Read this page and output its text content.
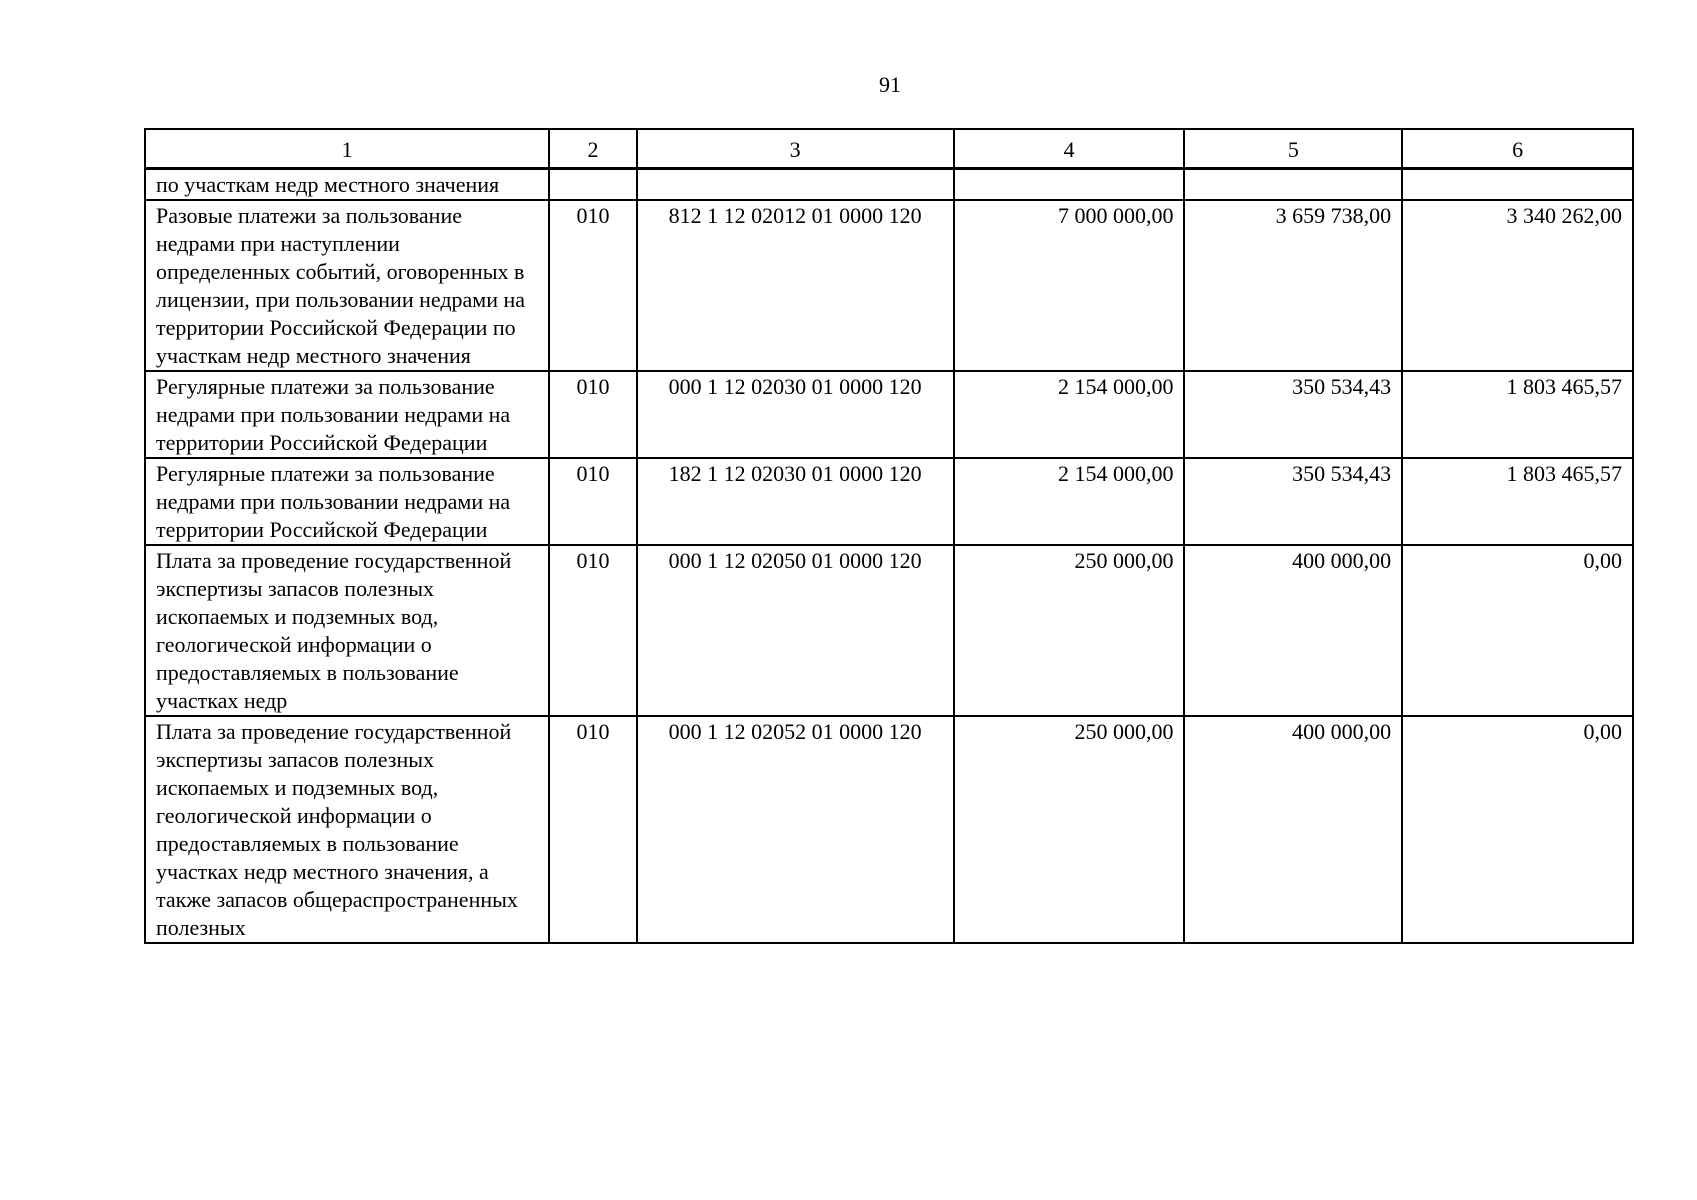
91
1	2	3	4	5	6
по участкам недр местного значения					
Разовые платежи за пользование недрами при наступлении определенных событий, оговоренных в лицензии, при пользовании недрами на территории Российской Федерации по участкам недр местного значения	010	812 1 12 02012 01 0000 120	7 000 000,00	3 659 738,00	3 340 262,00
Регулярные платежи за пользование недрами при пользовании недрами на территории Российской Федерации	010	000 1 12 02030 01 0000 120	2 154 000,00	350 534,43	1 803 465,57
Регулярные платежи за пользование недрами при пользовании недрами на территории Российской Федерации	010	182 1 12 02030 01 0000 120	2 154 000,00	350 534,43	1 803 465,57
Плата за проведение государственной экспертизы запасов полезных ископаемых и подземных вод, геологической информации о предоставляемых в пользование участках недр	010	000 1 12 02050 01 0000 120	250 000,00	400 000,00	0,00
Плата за проведение государственной экспертизы запасов полезных ископаемых и подземных вод, геологической информации о предоставляемых в пользование участках недр местного значения, а также запасов общераспространенных полезных	010	000 1 12 02052 01 0000 120	250 000,00	400 000,00	0,00
